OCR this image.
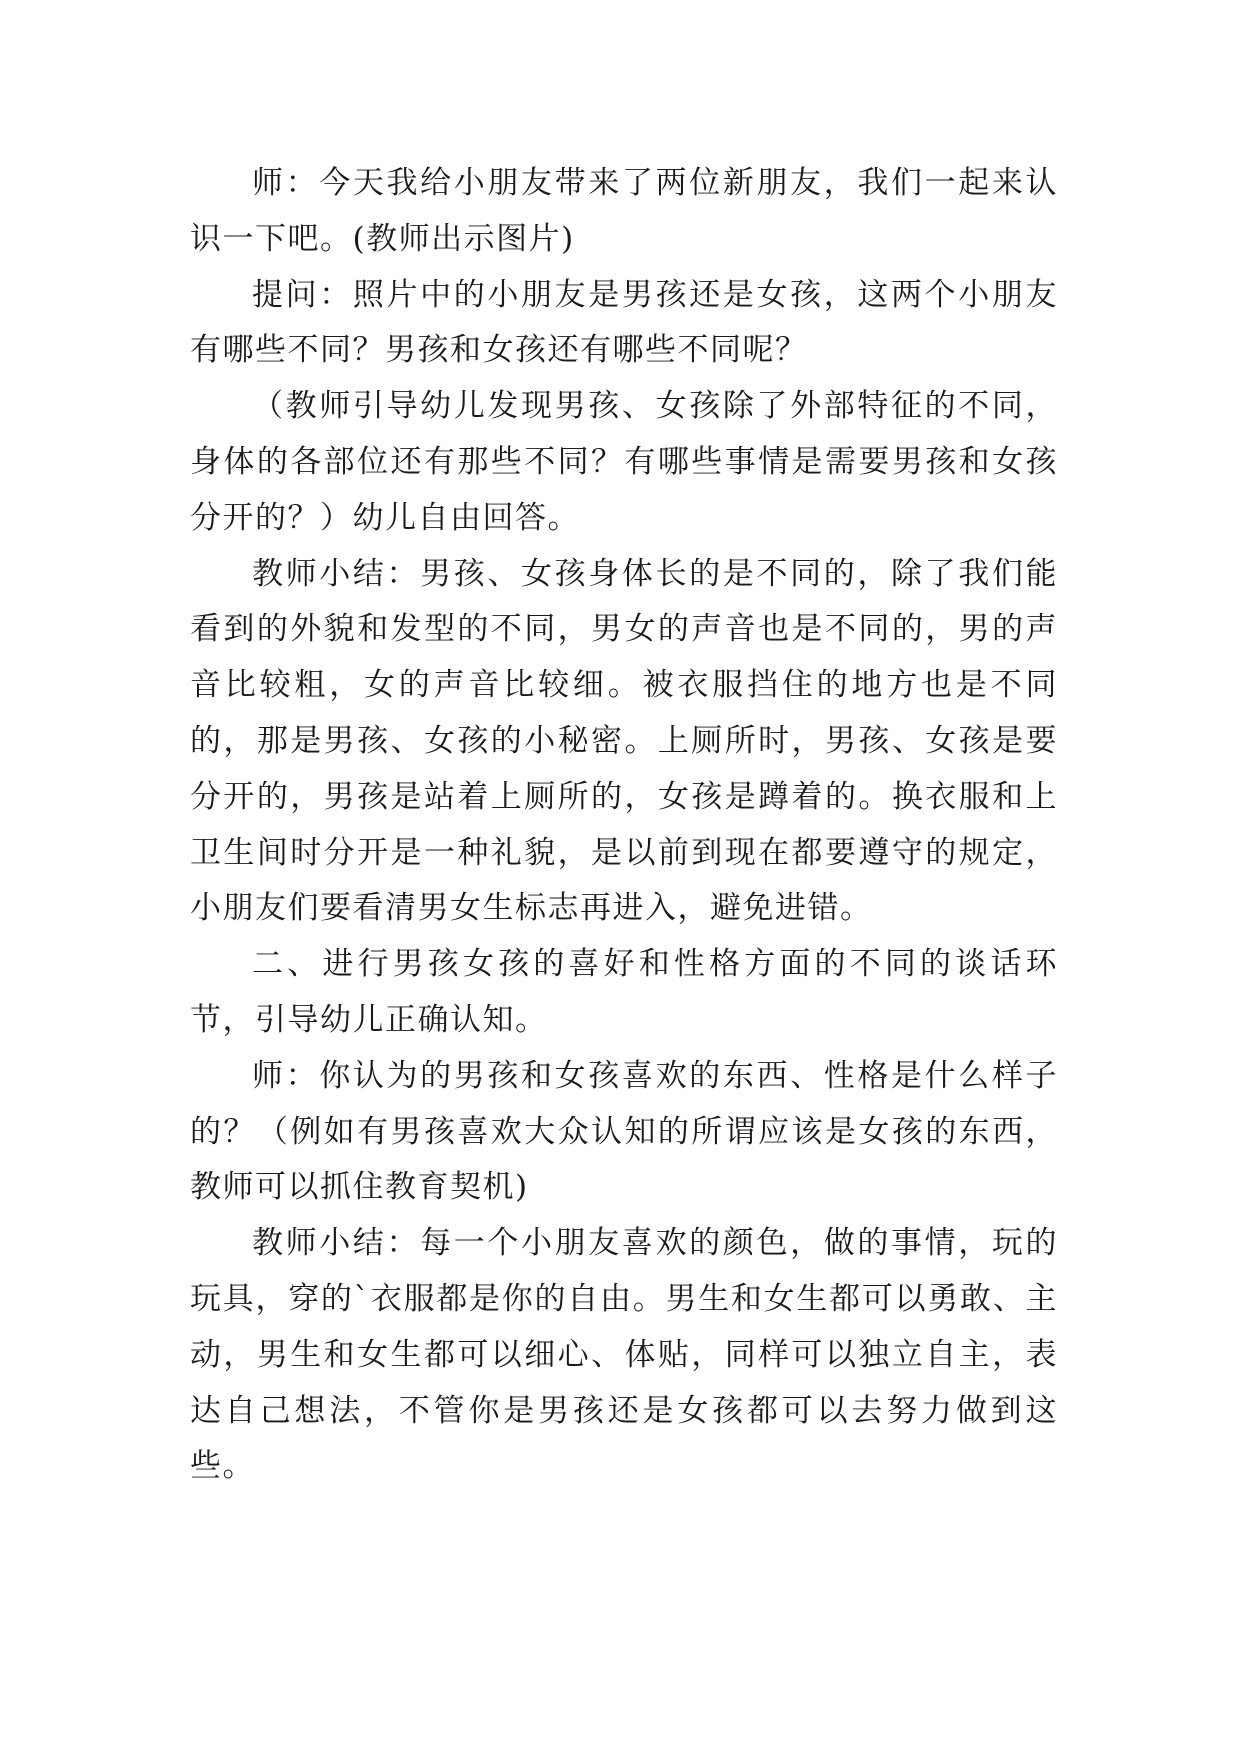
师：今天我给小朋友带来了两位新朋友，我们一起来认识一下吧。(教师出示图片)

提问：照片中的小朋友是男孩还是女孩，这两个小朋友有哪些不同？男孩和女孩还有哪些不同呢？

（教师引导幼儿发现男孩、女孩除了外部特征的不同，身体的各部位还有那些不同？有哪些事情是需要男孩和女孩分开的？）幼儿自由回答。

教师小结：男孩、女孩身体长的是不同的，除了我们能看到的外貌和发型的不同，男女的声音也是不同的，男的声音比较粗，女的声音比较细。被衣服挡住的地方也是不同的，那是男孩、女孩的小秘密。上厕所时，男孩、女孩是要分开的，男孩是站着上厕所的，女孩是蹲着的。换衣服和上卫生间时分开是一种礼貌，是以前到现在都要遵守的规定，小朋友们要看清男女生标志再进入，避免进错。

二、进行男孩女孩的喜好和性格方面的不同的谈话环节，引导幼儿正确认知。

师：你认为的男孩和女孩喜欢的东西、性格是什么样子的？（例如有男孩喜欢大众认知的所谓应该是女孩的东西，教师可以抓住教育契机)

教师小结：每一个小朋友喜欢的颜色，做的事情，玩的玩具，穿的`衣服都是你的自由。男生和女生都可以勇敢、主动，男生和女生都可以细心、体贴，同样可以独立自主，表达自己想法，不管你是男孩还是女孩都可以去努力做到这些。
